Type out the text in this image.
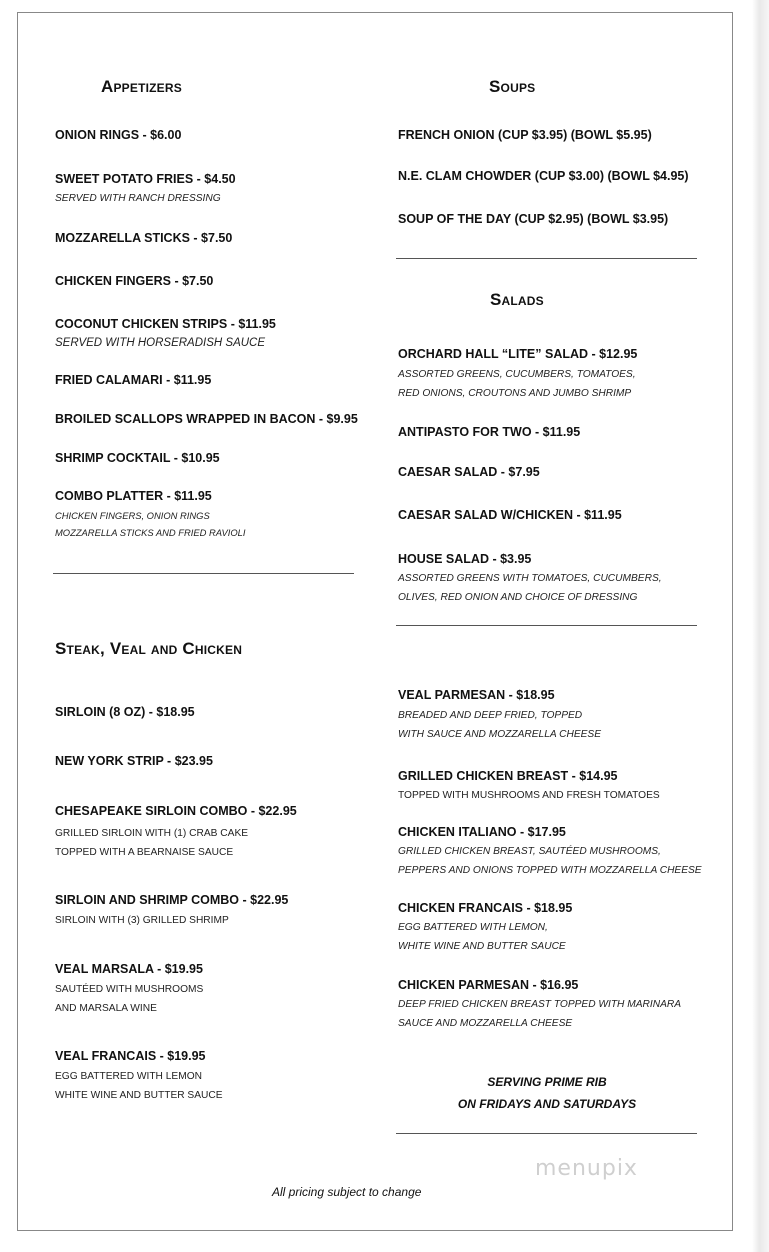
Appetizers
ONION RINGS - $6.00
SWEET POTATO FRIES - $4.50
SERVED WITH RANCH DRESSING
MOZZARELLA STICKS - $7.50
CHICKEN FINGERS - $7.50
COCONUT CHICKEN STRIPS - $11.95
SERVED WITH HORSERADISH SAUCE
FRIED CALAMARI - $11.95
BROILED SCALLOPS WRAPPED IN BACON - $9.95
SHRIMP COCKTAIL - $10.95
COMBO PLATTER - $11.95
CHICKEN FINGERS, ONION RINGS
MOZZARELLA STICKS AND FRIED RAVIOLI
Soups
FRENCH ONION (CUP $3.95) (BOWL $5.95)
N.E. CLAM CHOWDER (CUP $3.00) (BOWL $4.95)
SOUP OF THE DAY (CUP $2.95) (BOWL $3.95)
Salads
ORCHARD HALL “LITE” SALAD - $12.95
ASSORTED GREENS, CUCUMBERS, TOMATOES,
RED ONIONS, CROUTONS AND JUMBO SHRIMP
ANTIPASTO FOR TWO - $11.95
CAESAR SALAD - $7.95
CAESAR SALAD W/CHICKEN - $11.95
HOUSE SALAD - $3.95
ASSORTED GREENS WITH TOMATOES, CUCUMBERS,
OLIVES, RED ONION AND CHOICE OF DRESSING
Steak, Veal and Chicken
SIRLOIN (8 OZ) - $18.95
NEW YORK STRIP - $23.95
CHESAPEAKE SIRLOIN COMBO - $22.95
GRILLED SIRLOIN WITH (1) CRAB CAKE
TOPPED WITH A BEARNAISE SAUCE
SIRLOIN AND SHRIMP COMBO - $22.95
SIRLOIN WITH (3) GRILLED SHRIMP
VEAL MARSALA - $19.95
SAUTÉED WITH MUSHROOMS
AND MARSALA WINE
VEAL FRANCAIS - $19.95
EGG BATTERED WITH LEMON
WHITE WINE AND BUTTER SAUCE
VEAL PARMESAN - $18.95
BREADED AND DEEP FRIED, TOPPED
WITH SAUCE AND MOZZARELLA CHEESE
GRILLED CHICKEN BREAST - $14.95
TOPPED WITH MUSHROOMS AND FRESH TOMATOES
CHICKEN ITALIANO - $17.95
GRILLED CHICKEN BREAST, SAUTÉED MUSHROOMS,
PEPPERS AND ONIONS TOPPED WITH MOZZARELLA CHEESE
CHICKEN FRANCAIS - $18.95
EGG BATTERED WITH LEMON,
WHITE WINE AND BUTTER SAUCE
CHICKEN PARMESAN - $16.95
DEEP FRIED CHICKEN BREAST TOPPED WITH MARINARA
SAUCE AND MOZZARELLA CHEESE
SERVING PRIME RIB
ON FRIDAYS AND SATURDAYS
menupix
All pricing subject to change
